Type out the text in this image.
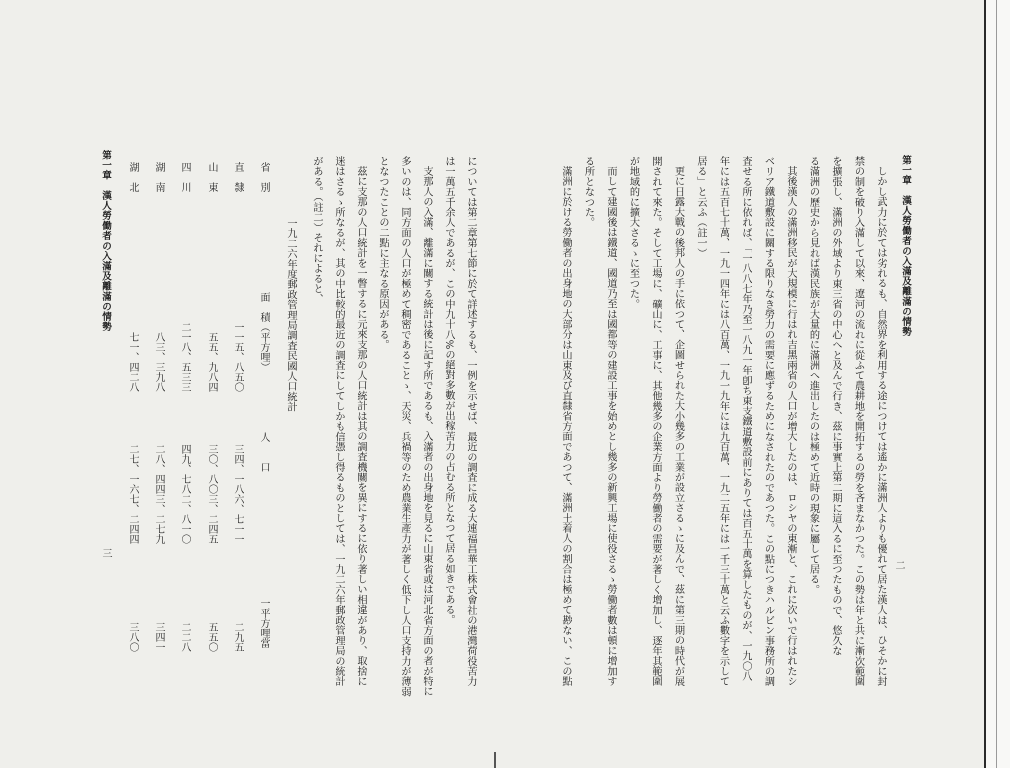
第一章　漢人勞働者の入滿及離滿の情勢
二
しかし武力に於ては劣れるも、自然界を利用する途につけては遙かに滿洲人よりも優れて居た漢人は、ひそかに封
禁の制を破り入滿して以來、遼河の流れに從ふて農耕地を開拓するの勞を吝まなかつた。この勢は年と共に漸次範圍
を擴張し、滿洲の外域より東三省の中心へと及んで行き、茲に事實上第二期に這入るに至つたもので、悠久な
る滿洲の歷史から見れば漢民族が大量的に滿洲へ進出したのは極めて近時の現象に屬して居る。
其後漢人の滿洲移民が大規模に行はれ吉黑兩省の人口が增大したのは、ロシヤの東漸と、これに次いで行はれたシ
ベリア鐵道敷設に關する限りなき勞力の需要に應ずるためになされたのであつた。この點につきハルビン事務所の調
査せる所に依れば、「一八八七年乃至一八九一年卽ち東支鐵道敷設前にありては百五十萬を算したものが、一九〇八
年には五百七十萬、一九一四年には八百萬、一九一九年には九百萬、一九二五年には一千三十萬と云ふ數字を示して
居る」と云ふ（註一）
更に日露大戰の後邦人の手に依つて、企圖せられた大小幾多の工業が設立さるゝに及んで、茲に第三期の時代が展
開されて來た。そして工場に、礦山に、工事に、其他幾多の企業方面より勞働者の需要が著しく增加し、逐年其範圍
が地域的に擴大さるゝに至つた。
而して建國後は鐵道、國道乃至は國都等の建設工事を始めとし幾多の新興工場に使役さるゝ勞働者數は頓に增加す
る所となつた。
滿洲に於ける勞働者の出身地の大部分は山東及び直隸省方面であつて、滿洲土着人の割合は極めて尠ない、この點
については第二章第七節に於て詳述するも、一例を示せば、最近の調査に成る大連福昌華工株式會社の港灣荷役苦力
は一萬五千余人であるが、この中九十八%の絕對多數が出稼苦力の占むる所となつて居る如きである。
支那人の入滿、離滿に關する統計は後に記す所であるも、入滿者の出身地を見るに山東省或は河北省方面の者が特に
多いのは、同方面の人口が極めて稠密であることゝ、天災、兵禍等のため農業生產力が著しく低下し人口支持力が薄弱
となつたことの二點に主なる原因がある。
茲に支那の人口統計を一瞥するに元來支那の人口統計は其の調査機關を異にするに依り著しい相違があり、取捨に
迷はさるゝ所なるが、其の中比較的最近の調査にしてしかも信憑し得るものとしては、一九二六年郵政管理局の統計
がある。（註二）それによると、
一九二六年度郵政管理局調査民國人口統計
省　別
面　積（平方哩）
人　　口
一平方哩當
直　隸
一一五、八五〇
三四、一八六、七一一
二九五
山　東
五五、九八四
三〇、八〇三、二四五
五五〇
四　川
二一八、五三三
四九、七八二、八一〇
二二八
湖　南
八三、三九八
二八、四四三、二七九
三四一
湖　北
七一、四二八
二七、一六七、二四四
三八〇
第一章　漢人勞働者の入滿及離滿の情勢
三
